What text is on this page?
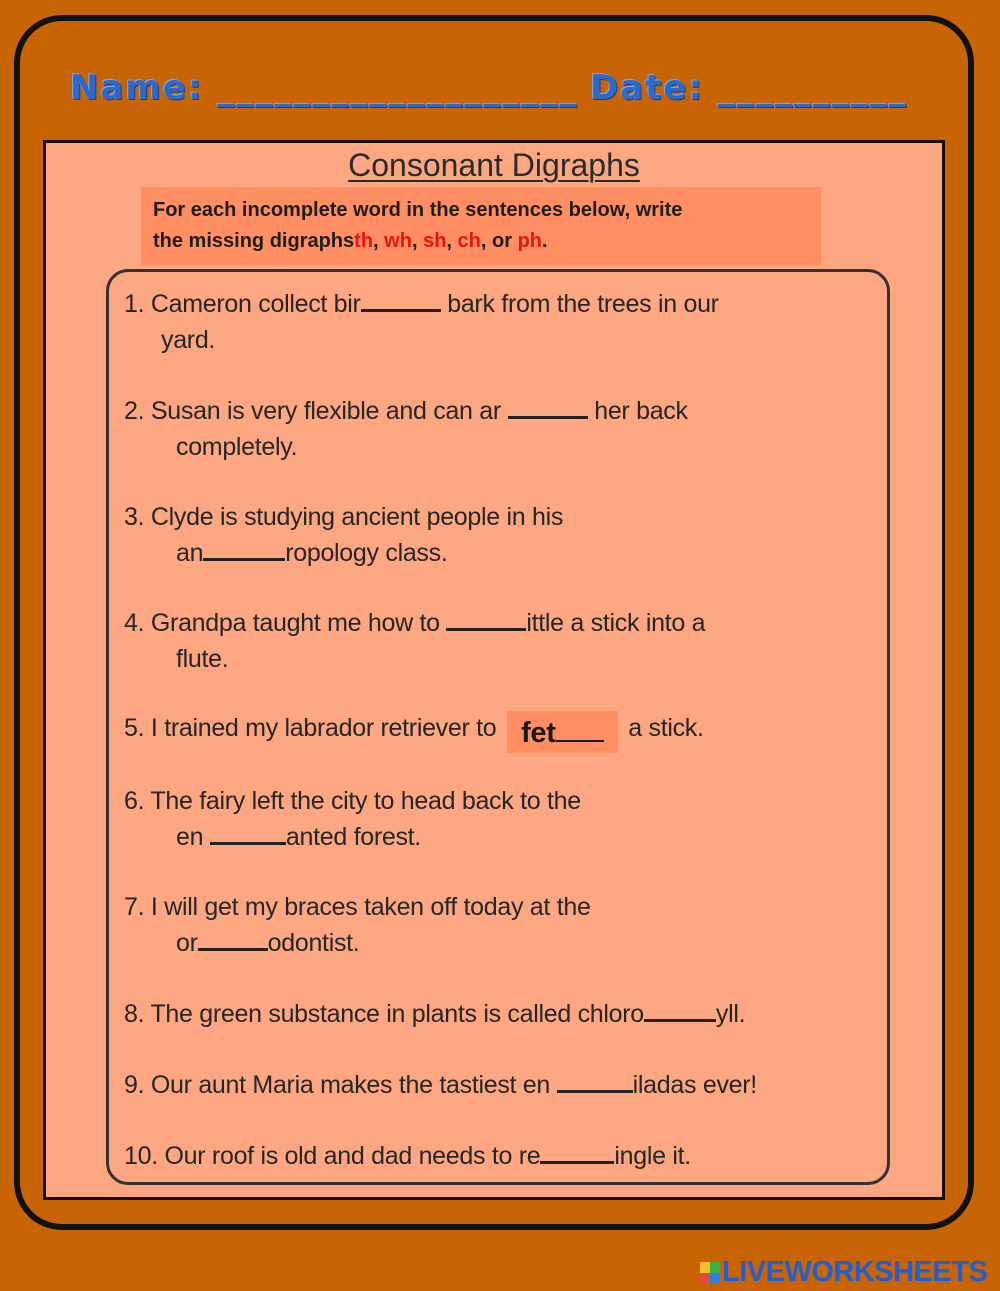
Name: ___________________ Date: __________
Consonant Digraphs
For each incomplete word in the sentences below, write
the missing digraphsth, wh, sh, ch, or ph.
1. Cameron collect bir	bark from the trees in our
yard.
2. Susan is very flexible and can ar	her back
completely.
3. Clyde is studying ancient people in his
an	ropology class.
4. Grandpa taught me how to	ittle a stick into a
flute.
5. I trained my labrador retriever to fet	a stick.
6. The fairy left the city to head back to the
en	anted forest.
7. I will get my braces taken off today at the
or	odontist.
8. The green substance in plants is called chloro	yll.
9. Our aunt Maria makes the tastiest en	iladas ever!
10. Our roof is old and dad needs to re	ingle it.
LIVEWORKSHEETS
